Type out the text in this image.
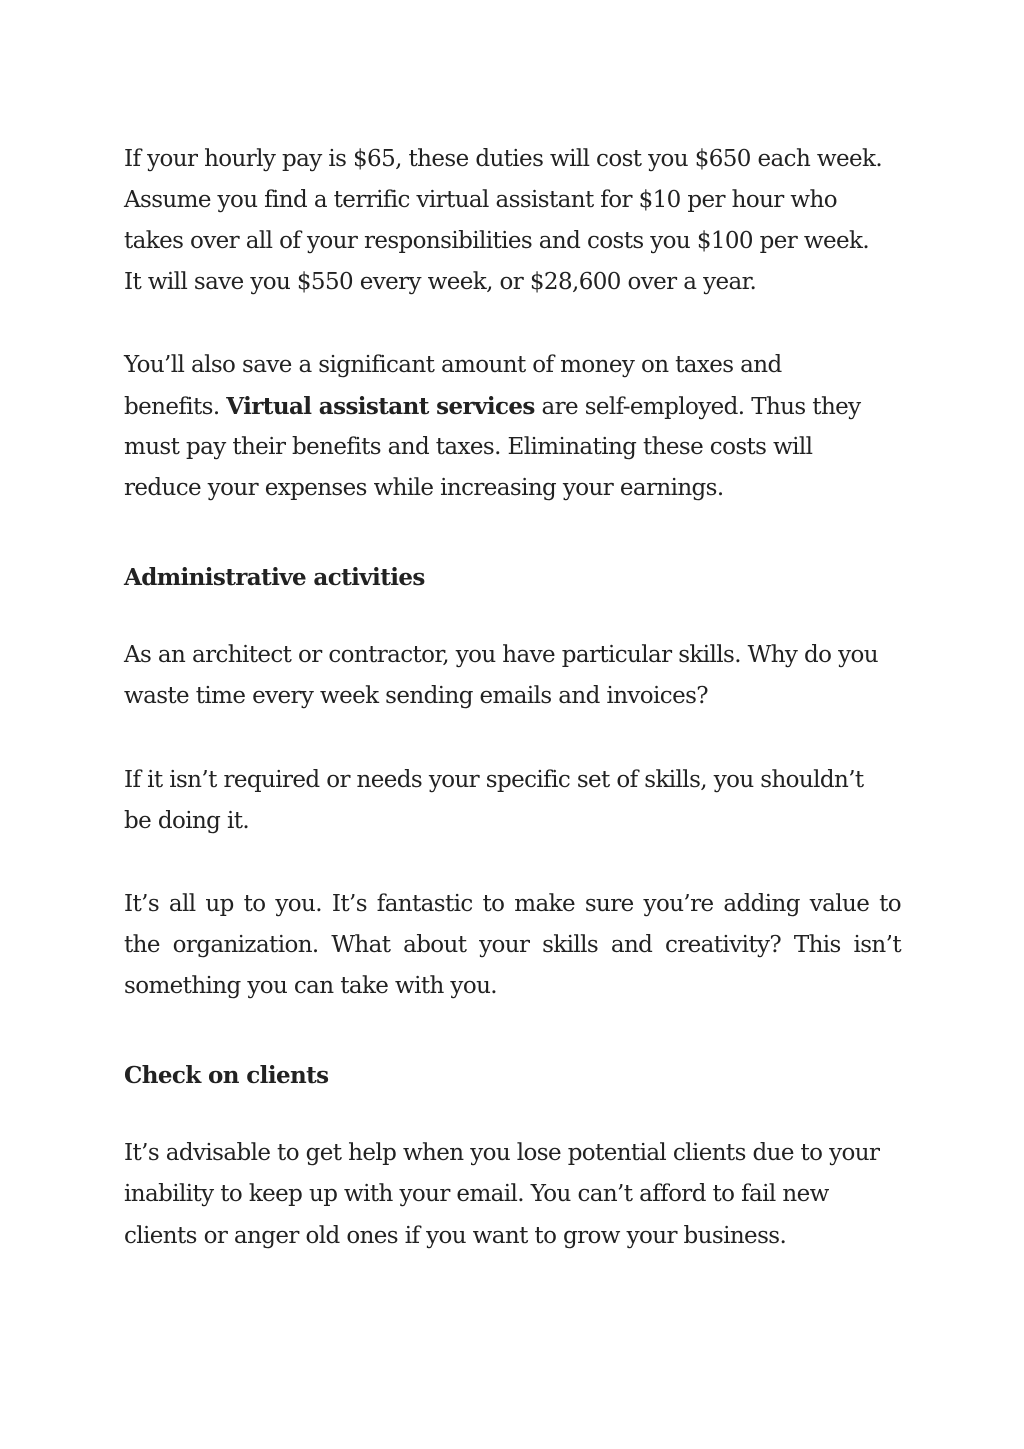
If your hourly pay is $65, these duties will cost you $650 each week.
Assume you find a terrific virtual assistant for $10 per hour who
takes over all of your responsibilities and costs you $100 per week.
It will save you $550 every week, or $28,600 over a year.
You’ll also save a significant amount of money on taxes and
benefits. Virtual assistant services are self-employed. Thus they
must pay their benefits and taxes. Eliminating these costs will
reduce your expenses while increasing your earnings.
Administrative activities
As an architect or contractor, you have particular skills. Why do you
waste time every week sending emails and invoices?
If it isn’t required or needs your specific set of skills, you shouldn’t
be doing it.
It’s all up to you. It’s fantastic to make sure you’re adding value to
the organization. What about your skills and creativity? This isn’t
something you can take with you.
Check on clients
It’s advisable to get help when you lose potential clients due to your
inability to keep up with your email. You can’t afford to fail new
clients or anger old ones if you want to grow your business.
